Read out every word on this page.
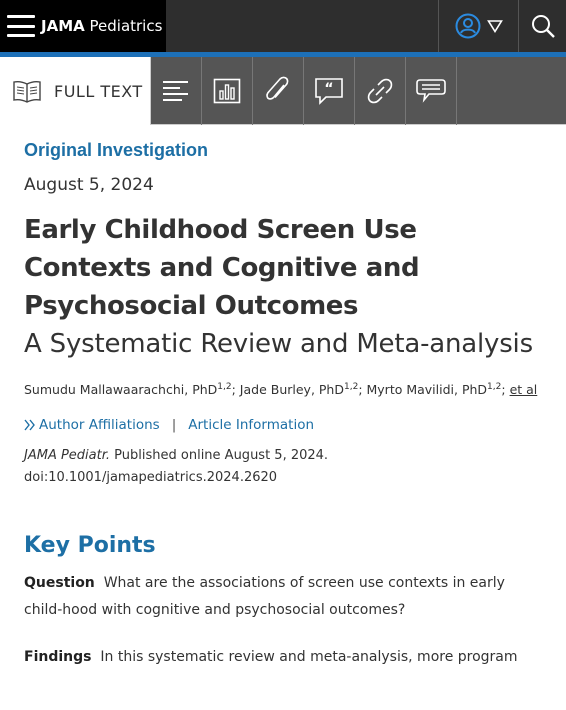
JAMA Pediatrics
FULL TEXT	“
Original Investigation
August 5, 2024
Early Childhood Screen Use Contexts and Cognitive and Psychosocial Outcomes
A Systematic Review and Meta-analysis
Sumudu Mallawaarachchi, PhD$^{1,2}$; Jade Burley, PhD$^{1,2}$; Myrto Mavilidi, PhD$^{1,2}$; et al
Author Affiliations | Article Information
JAMA Pediatr. Published online August 5, 2024.
doi:10.1001/jamapediatrics.2024.2620
Key Points

Question What are the associations of screen use contexts in early child-hood with cognitive and psychosocial outcomes?

Findings In this systematic review and meta-analysis, more program
